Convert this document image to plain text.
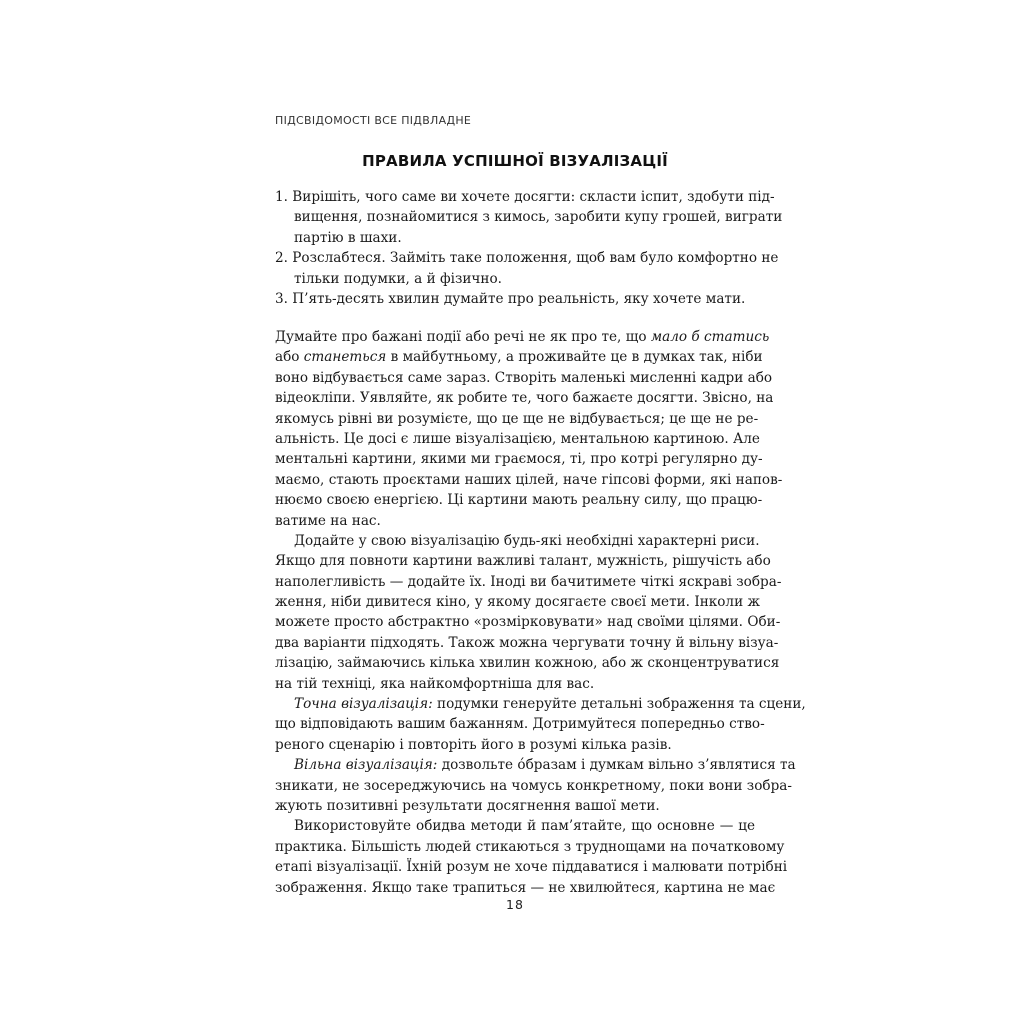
ПІДСВІДОМОСТІ ВСЕ ПІДВЛАДНЕ
ПРАВИЛА УСПІШНОЇ ВІЗУАЛІЗАЦІЇ
1. Вирішіть, чого саме ви хочете досягти: скласти іспит, здобути під-
вищення, познайомитися з кимось, заробити купу грошей, виграти
партію в шахи.
2. Розслабтеся. Займіть таке положення, щоб вам було комфортно не
тільки подумки, а й фізично.
3. П’ять-десять хвилин думайте про реальність, яку хочете мати.
Думайте про бажані події або речі не як про те, що мало б статись
або станеться в майбутньому, а проживайте це в думках так, ніби
воно відбувається саме зараз. Створіть маленькі мисленні кадри або
відеокліпи. Уявляйте, як робите те, чого бажаєте досягти. Звісно, на
якомусь рівні ви розумієте, що це ще не відбувається; це ще не ре-
альність. Це досі є лише візуалізацією, ментальною картиною. Але
ментальні картини, якими ми граємося, ті, про котрі регулярно ду-
маємо, стають проєктами наших цілей, наче гіпсові форми, які напов-
нюємо своєю енергією. Ці картини мають реальну силу, що працю-
ватиме на нас.
Додайте у свою візуалізацію будь-які необхідні характерні риси.
Якщо для повноти картини важливі талант, мужність, рішучість або
наполегливість — додайте їх. Іноді ви бачитимете чіткі яскраві зобра-
ження, ніби дивитеся кіно, у якому досягаєте своєї мети. Інколи ж
можете просто абстрактно «розмірковувати» над своїми цілями. Оби-
два варіанти підходять. Також можна чергувати точну й вільну візуа-
лізацію, займаючись кілька хвилин кожною, або ж сконцентруватися
на тій техніці, яка найкомфортніша для вас.
Точна візуалізація: подумки генеруйте детальні зображення та сцени,
що відповідають вашим бажанням. Дотримуйтеся попередньо ство-
реного сценарію і повторіть його в розумі кілька разів.
Вільна візуалізація: дозвольте óбразам і думкам вільно з’являтися та
зникати, не зосереджуючись на чомусь конкретному, поки вони зобра-
жують позитивні результати досягнення вашої мети.
Використовуйте обидва методи й пам’ятайте, що основне — це
практика. Більшість людей стикаються з труднощами на початковому
етапі візуалізації. Їхній розум не хоче піддаватися і малювати потрібні
зображення. Якщо таке трапиться — не хвилюйтеся, картина не має
18
